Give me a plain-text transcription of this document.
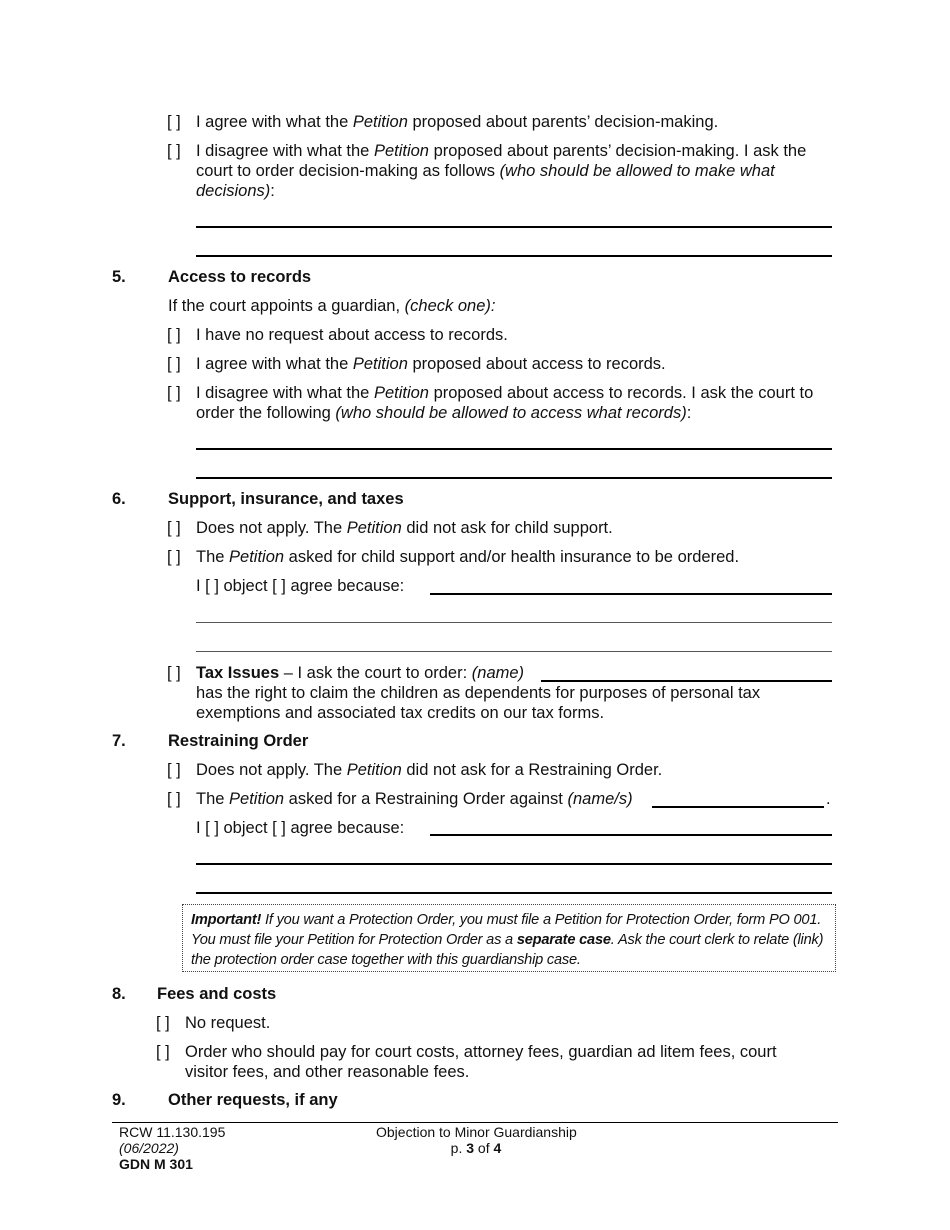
[ ] I agree with what the Petition proposed about parents’ decision-making.
[ ] I disagree with what the Petition proposed about parents’ decision-making. I ask the court to order decision-making as follows (who should be allowed to make what decisions):
5.	Access to records
If the court appoints a guardian, (check one):
[ ] I have no request about access to records.
[ ] I agree with what the Petition proposed about access to records.
[ ] I disagree with what the Petition proposed about access to records. I ask the court to order the following (who should be allowed to access what records):
6.	Support, insurance, and taxes
[ ] Does not apply. The Petition did not ask for child support.
[ ] The Petition asked for child support and/or health insurance to be ordered.
I [ ] object [ ] agree because:
[ ] Tax Issues – I ask the court to order: (name)
has the right to claim the children as dependents for purposes of personal tax exemptions and associated tax credits on our tax forms.
7.	Restraining Order
[ ] Does not apply. The Petition did not ask for a Restraining Order.
[ ] The Petition asked for a Restraining Order against (name/s)	.
I [ ] object [ ] agree because:
Important! If you want a Protection Order, you must file a Petition for Protection Order, form PO 001. You must file your Petition for Protection Order as a separate case. Ask the court clerk to relate (link) the protection order case together with this guardianship case.
8. Fees and costs
[ ] No request.
[ ] Order who should pay for court costs, attorney fees, guardian ad litem fees, court visitor fees, and other reasonable fees.
9.	Other requests, if any
RCW 11.130.195
(06/2022)
GDN M 301
Objection to Minor Guardianship
p. 3 of 4
